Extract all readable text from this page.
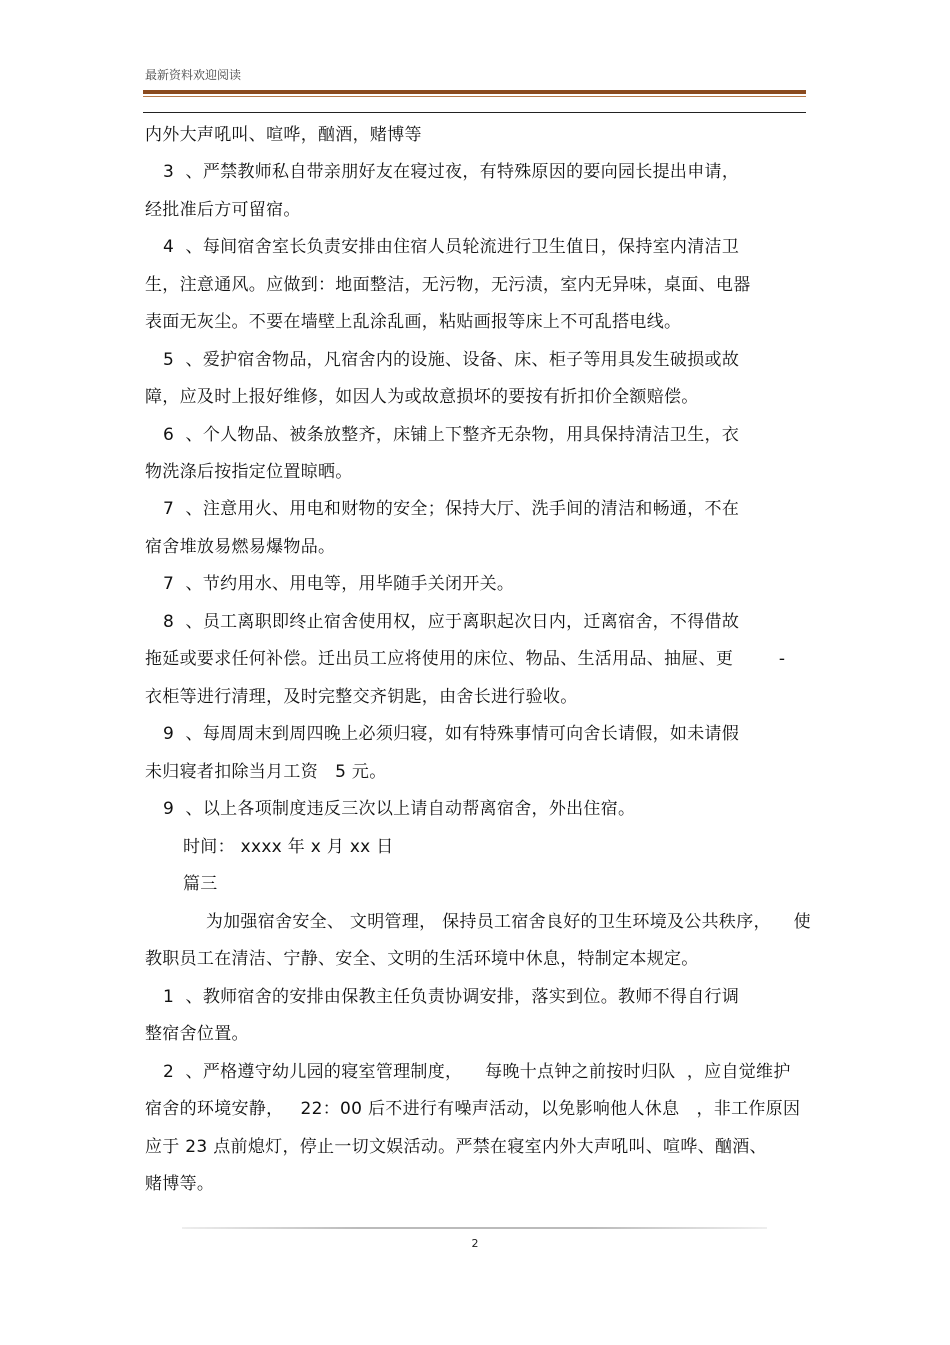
最新资料欢迎阅读
内外大声吼叫、喧哗，酗酒，赌博等
3  、严禁教师私自带亲朋好友在寝过夜，有特殊原因的要向园长提出申请，
经批准后方可留宿。
4  、每间宿舍室长负责安排由住宿人员轮流进行卫生值日，保持室内清洁卫
生，注意通风。应做到：地面整洁，无污物，无污渍，室内无异味，桌面、电器
表面无灰尘。不要在墙壁上乱涂乱画，粘贴画报等床上不可乱搭电线。
5  、爱护宿舍物品，凡宿舍内的设施、设备、床、柜子等用具发生破损或故
障，应及时上报好维修，如因人为或故意损坏的要按有折扣价全额赔偿。
6  、个人物品、被条放整齐，床铺上下整齐无杂物，用具保持清洁卫生，衣
物洗涤后按指定位置晾晒。
7  、注意用火、用电和财物的安全；保持大厅、洗手间的清洁和畅通，不在
宿舍堆放易燃易爆物品。
7  、节约用水、用电等，用毕随手关闭开关。
8  、员工离职即终止宿舍使用权，应于离职起次日内，迁离宿舍，不得借故
拖延或要求任何补偿。迁出员工应将使用的床位、物品、生活用品、抽屉、更        -
衣柜等进行清理，及时完整交齐钥匙，由舍长进行验收。
9  、每周周末到周四晚上必须归寝，如有特殊事情可向舍长请假，如未请假
未归寝者扣除当月工资   5 元。
9  、以上各项制度违反三次以上请自动帮离宿舍，外出住宿。
时间： xxxx 年 x 月 xx 日
篇三
为加强宿舍安全、 文明管理， 保持员工宿舍良好的卫生环境及公共秩序，    使
教职员工在清洁、宁静、安全、文明的生活环境中休息，特制定本规定。
1  、教师宿舍的安排由保教主任负责协调安排，落实到位。教师不得自行调
整宿舍位置。
2  、严格遵守幼儿园的寝室管理制度，    每晚十点钟之前按时归队  ，应自觉维护
宿舍的环境安静，   22：00 后不进行有噪声活动，以免影响他人休息   ，非工作原因
应于 23 点前熄灯，停止一切文娱活动。严禁在寝室内外大声吼叫、喧哗、酗酒、
赌博等。
2
